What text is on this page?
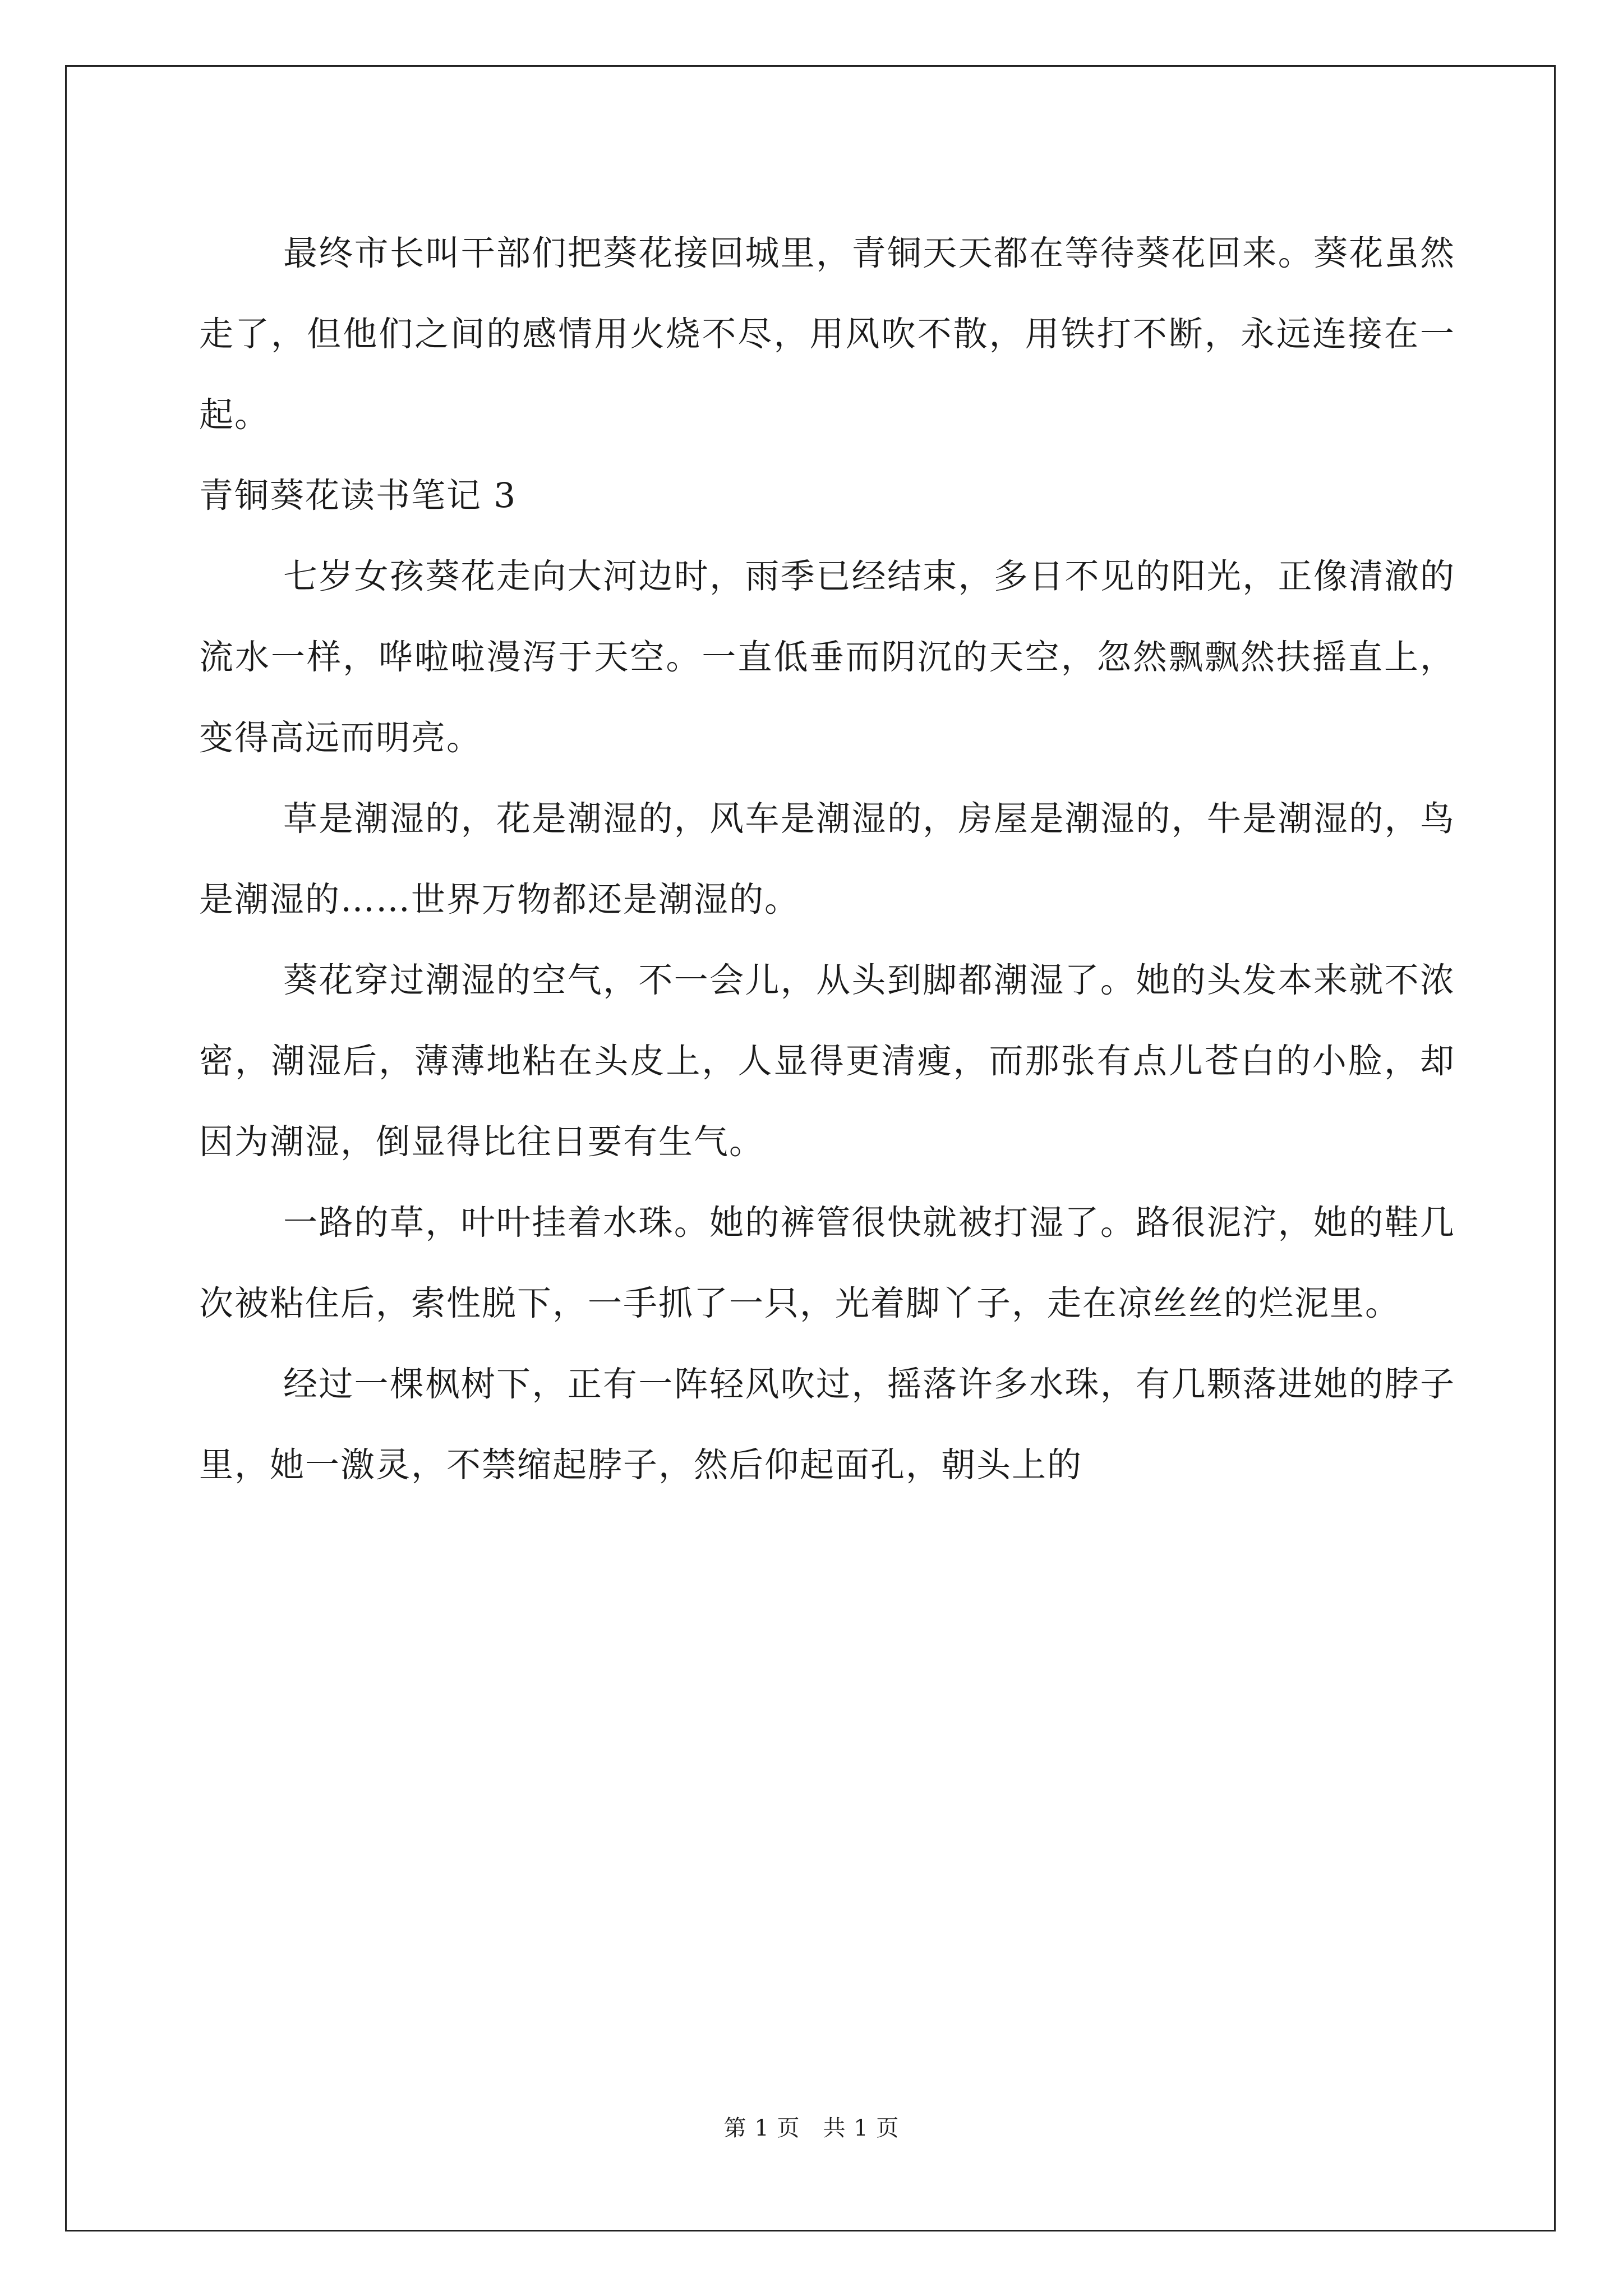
最终市长叫干部们把葵花接回城里，青铜天天都在等待葵花回来。葵花虽然走了，但他们之间的感情用火烧不尽，用风吹不散，用铁打不断，永远连接在一起。

青铜葵花读书笔记 3

七岁女孩葵花走向大河边时，雨季已经结束，多日不见的阳光，正像清澈的流水一样，哗啦啦漫泻于天空。一直低垂而阴沉的天空，忽然飘飘然扶摇直上，变得高远而明亮。

草是潮湿的，花是潮湿的，风车是潮湿的，房屋是潮湿的，牛是潮湿的，鸟是潮湿的……世界万物都还是潮湿的。

葵花穿过潮湿的空气，不一会儿，从头到脚都潮湿了。她的头发本来就不浓密，潮湿后，薄薄地粘在头皮上，人显得更清瘦，而那张有点儿苍白的小脸，却因为潮湿，倒显得比往日要有生气。

一路的草，叶叶挂着水珠。她的裤管很快就被打湿了。路很泥泞，她的鞋几次被粘住后，索性脱下，一手抓了一只，光着脚丫子，走在凉丝丝的烂泥里。

经过一棵枫树下，正有一阵轻风吹过，摇落许多水珠，有几颗落进她的脖子里，她一激灵，不禁缩起脖子，然后仰起面孔，朝头上的

第 1 页　共 1 页
